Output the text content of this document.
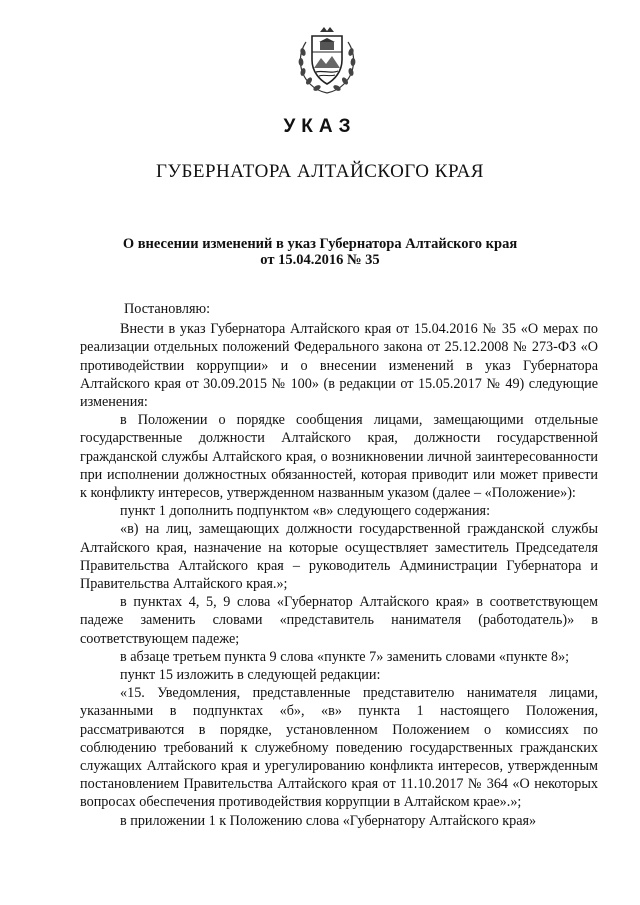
УКАЗ
ГУБЕРНАТОРА АЛТАЙСКОГО КРАЯ
О внесении изменений в указ Губернатора Алтайского края
от 15.04.2016 № 35

Постановляю:

Внести в указ Губернатора Алтайского края от 15.04.2016 № 35 «О мерах по реализации отдельных положений Федерального закона от 25.12.2008 № 273-ФЗ «О противодействии коррупции» и о внесении изменений в указ Губернатора Алтайского края от 30.09.2015 № 100» (в редакции от 15.05.2017 № 49) следующие изменения:

в Положении о порядке сообщения лицами, замещающими отдельные государственные должности Алтайского края, должности государственной гражданской службы Алтайского края, о возникновении личной заинтересованности при исполнении должностных обязанностей, которая приводит или может привести к конфликту интересов, утвержденном названным указом (далее – «Положение»):

пункт 1 дополнить подпунктом «в» следующего содержания:

«в) на лиц, замещающих должности государственной гражданской службы Алтайского края, назначение на которые осуществляет заместитель Председателя Правительства Алтайского края – руководитель Администрации Губернатора и Правительства Алтайского края.»;

в пунктах 4, 5, 9 слова «Губернатор Алтайского края» в соответствующем падеже заменить словами «представитель нанимателя (работодатель)» в соответствующем падеже;

в абзаце третьем пункта 9 слова «пункте 7» заменить словами «пункте 8»;

пункт 15 изложить в следующей редакции:

«15. Уведомления, представленные представителю нанимателя лицами, указанными в подпунктах «б», «в» пункта 1 настоящего Положения, рассматриваются в порядке, установленном Положением о комиссиях по соблюдению требований к служебному поведению государственных гражданских служащих Алтайского края и урегулированию конфликта интересов, утвержденным постановлением Правительства Алтайского края от 11.10.2017 № 364 «О некоторых вопросах обеспечения противодействия коррупции в Алтайском крае».»;

в приложении 1 к Положению слова «Губернатору Алтайского края»
